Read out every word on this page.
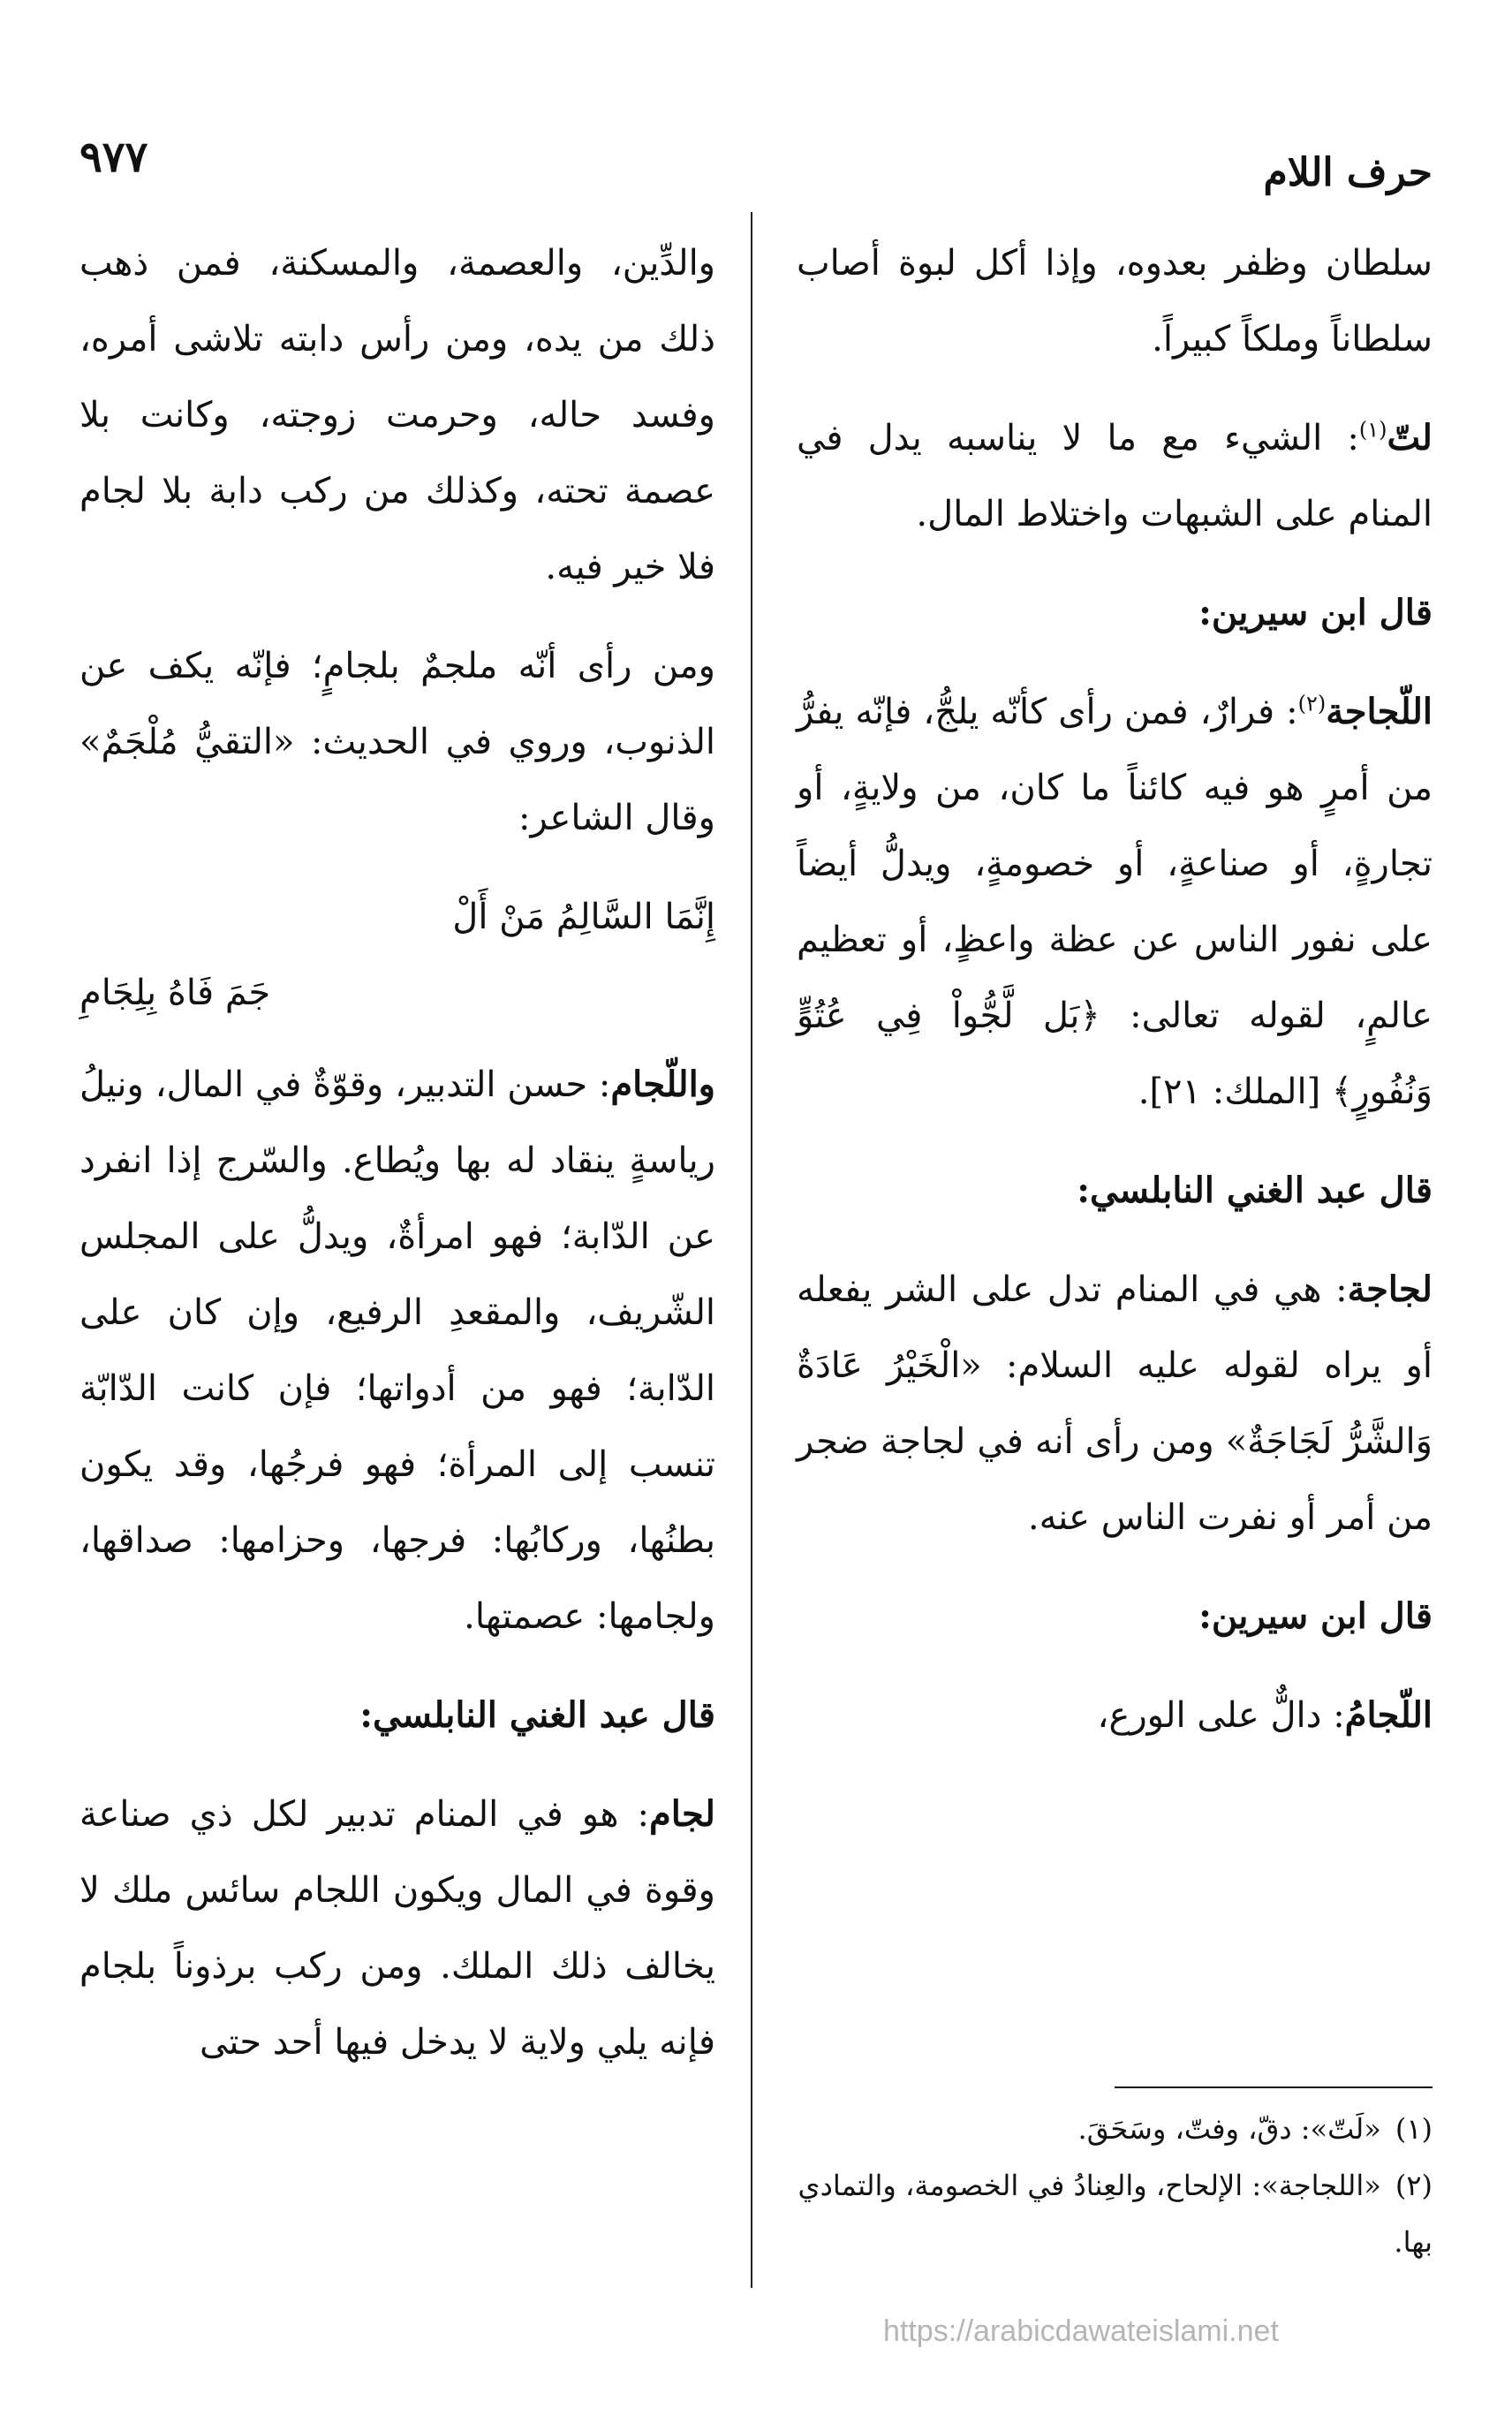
حرف اللام
٩٧٧

سلطان وظفر بعدوه، وإذا أكل لبوة أصاب سلطاناً وملكاً كبيراً.

لتّ$^{(١)}$: الشيء مع ما لا يناسبه يدل في المنام على الشبهات واختلاط المال.

قال ابن سيرين:

اللّجاجة$^{(٢)}$: فرارٌ، فمن رأى كأنّه يلجُّ، فإنّه يفرُّ من أمرٍ هو فيه كائناً ما كان، من ولايةٍ، أو تجارةٍ، أو صناعةٍ، أو خصومةٍ، ويدلُّ أيضاً على نفور الناس عن عظة واعظٍ، أو تعظيم عالمٍ، لقوله تعالى: ﴿بَل لَّجُّواْ فِي عُتُوٍّ وَنُفُورٍ﴾ [الملك: ٢١].

قال عبد الغني النابلسي:

لجاجة: هي في المنام تدل على الشر يفعله أو يراه لقوله عليه السلام: «الْخَيْرُ عَادَةٌ وَالشَّرُّ لَجَاجَةٌ» ومن رأى أنه في لجاجة ضجر من أمر أو نفرت الناس عنه.

قال ابن سيرين:

اللّجامُ: دالٌّ على الورع،

والدِّين، والعصمة، والمسكنة، فمن ذهب ذلك من يده، ومن رأس دابته تلاشى أمره، وفسد حاله، وحرمت زوجته، وكانت بلا عصمة تحته، وكذلك من ركب دابة بلا لجام فلا خير فيه.

ومن رأى أنّه ملجمٌ بلجامٍ؛ فإنّه يكف عن الذنوب، وروي في الحديث: «التقيُّ مُلْجَمٌ» وقال الشاعر:

إِنَّمَا السَّالِمُ مَنْ أَلْ
جَمَ فَاهُ بِلِجَامِ

واللّجام: حسن التدبير، وقوّةٌ في المال، ونيلُ رياسةٍ ينقاد له بها ويُطاع. والسّرج إذا انفرد عن الدّابة؛ فهو امرأةٌ، ويدلُّ على المجلس الشّريف، والمقعدِ الرفيع، وإن كان على الدّابة؛ فهو من أدواتها؛ فإن كانت الدّابّة تنسب إلى المرأة؛ فهو فرجُها، وقد يكون بطنُها، وركابُها: فرجها، وحزامها: صداقها، ولجامها: عصمتها.

قال عبد الغني النابلسي:

لجام: هو في المنام تدبير لكل ذي صناعة وقوة في المال ويكون اللجام سائس ملك لا يخالف ذلك الملك. ومن ركب برذوناً بلجام فإنه يلي ولاية لا يدخل فيها أحد حتى

(١)«لَتّ»: دقّ، وفتّ، وسَحَقَ.

(٢)«اللجاجة»: الإلحاح، والعِنادُ في الخصومة، والتمادي بها.

https://arabicdawateislami.net
